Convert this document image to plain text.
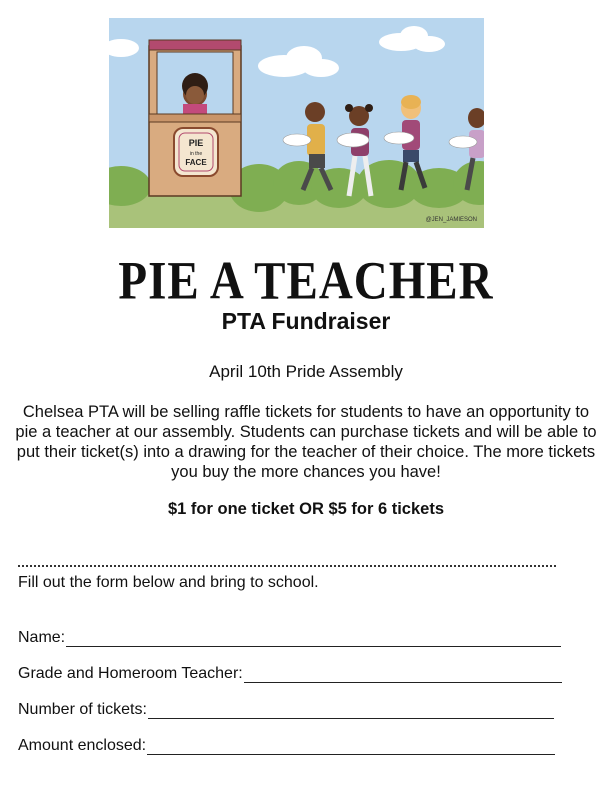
PIE
in the
FACE
@JEN_JAMIESON
PIE A TEACHER
PTA Fundraiser
April 10th Pride Assembly
Chelsea PTA will be selling raffle tickets for students to have an opportunity to pie a teacher at our assembly. Students can purchase tickets and will be able to put their ticket(s) into a drawing for the teacher of their choice. The more tickets you buy the more chances you have!
$1 for one ticket OR $5 for 6 tickets
Fill out the form below and bring to school.
Name:
Grade and Homeroom Teacher:
Number of tickets:
Amount enclosed:
